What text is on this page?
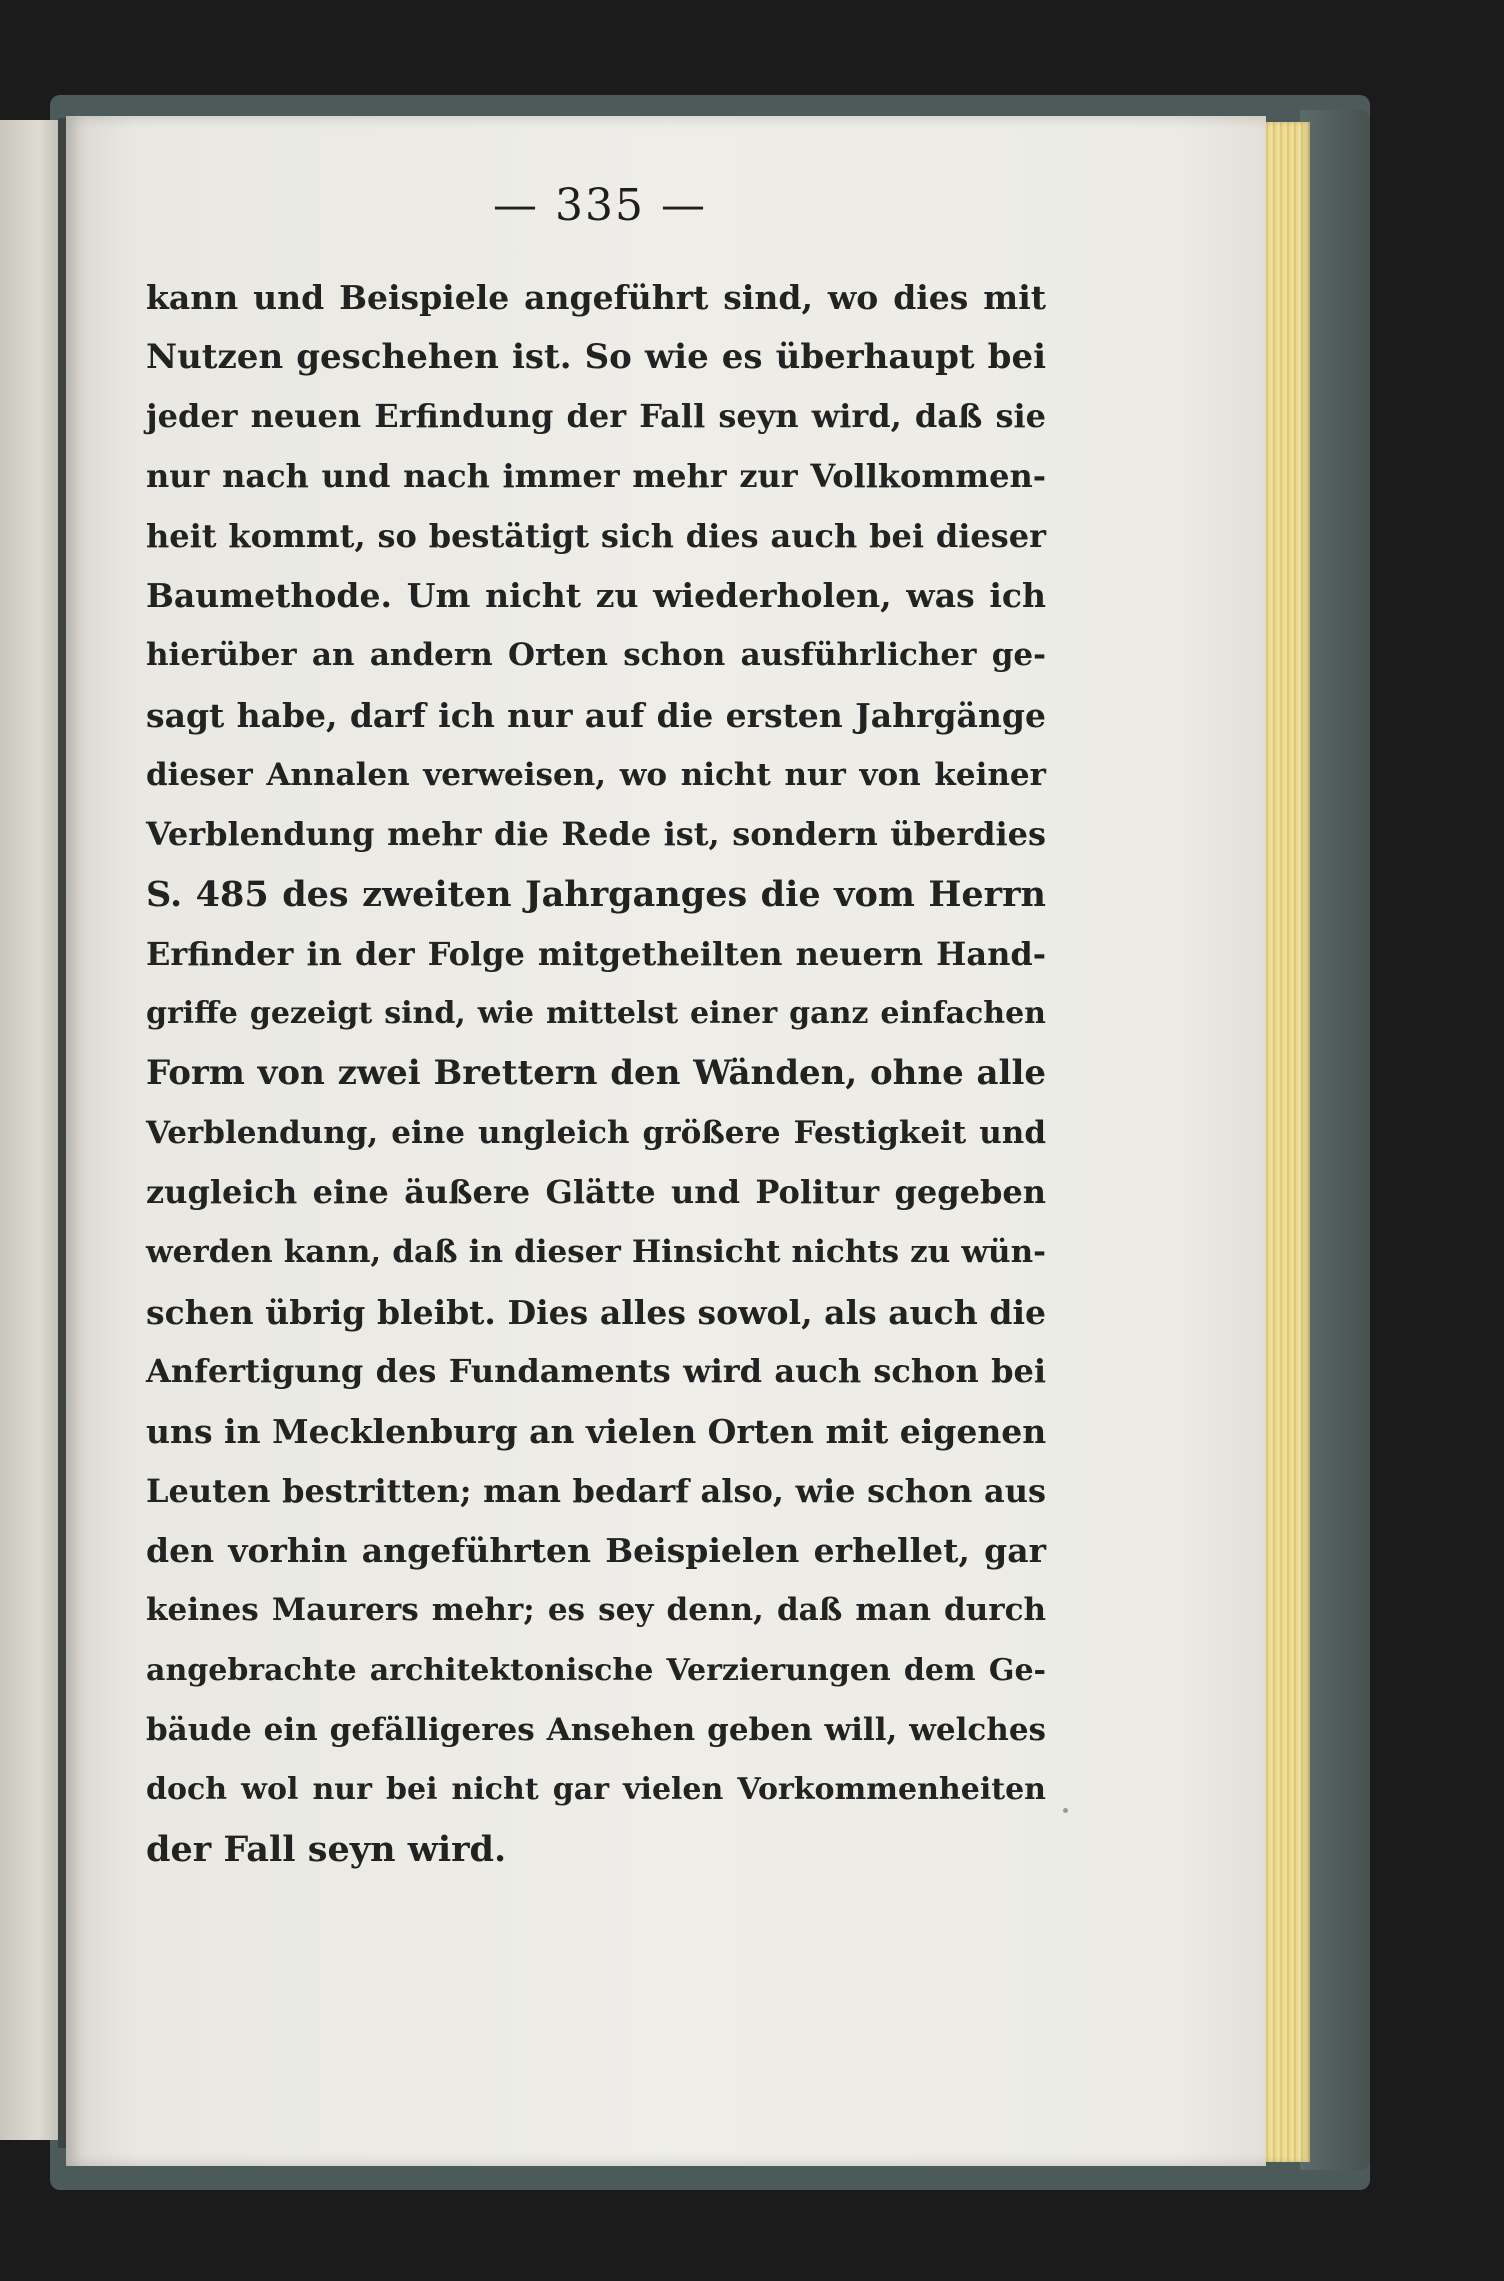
— 335 —
kann und Beispiele angeführt sind, wo dies mit
Nutzen geschehen ist. So wie es überhaupt bei
jeder neuen Erfindung der Fall seyn wird, daß sie
nur nach und nach immer mehr zur Vollkommen-
heit kommt, so bestätigt sich dies auch bei dieser
Baumethode. Um nicht zu wiederholen, was ich
hierüber an andern Orten schon ausführlicher ge-
sagt habe, darf ich nur auf die ersten Jahrgänge
dieser Annalen verweisen, wo nicht nur von keiner
Verblendung mehr die Rede ist, sondern überdies
S. 485 des zweiten Jahrganges die vom Herrn
Erfinder in der Folge mitgetheilten neuern Hand-
griffe gezeigt sind, wie mittelst einer ganz einfachen
Form von zwei Brettern den Wänden, ohne alle
Verblendung, eine ungleich größere Festigkeit und
zugleich eine äußere Glätte und Politur gegeben
werden kann, daß in dieser Hinsicht nichts zu wün-
schen übrig bleibt. Dies alles sowol, als auch die
Anfertigung des Fundaments wird auch schon bei
uns in Mecklenburg an vielen Orten mit eigenen
Leuten bestritten; man bedarf also, wie schon aus
den vorhin angeführten Beispielen erhellet, gar
keines Maurers mehr; es sey denn, daß man durch
angebrachte architektonische Verzierungen dem Ge-
bäude ein gefälligeres Ansehen geben will, welches
doch wol nur bei nicht gar vielen Vorkommenheiten
der Fall seyn wird.
